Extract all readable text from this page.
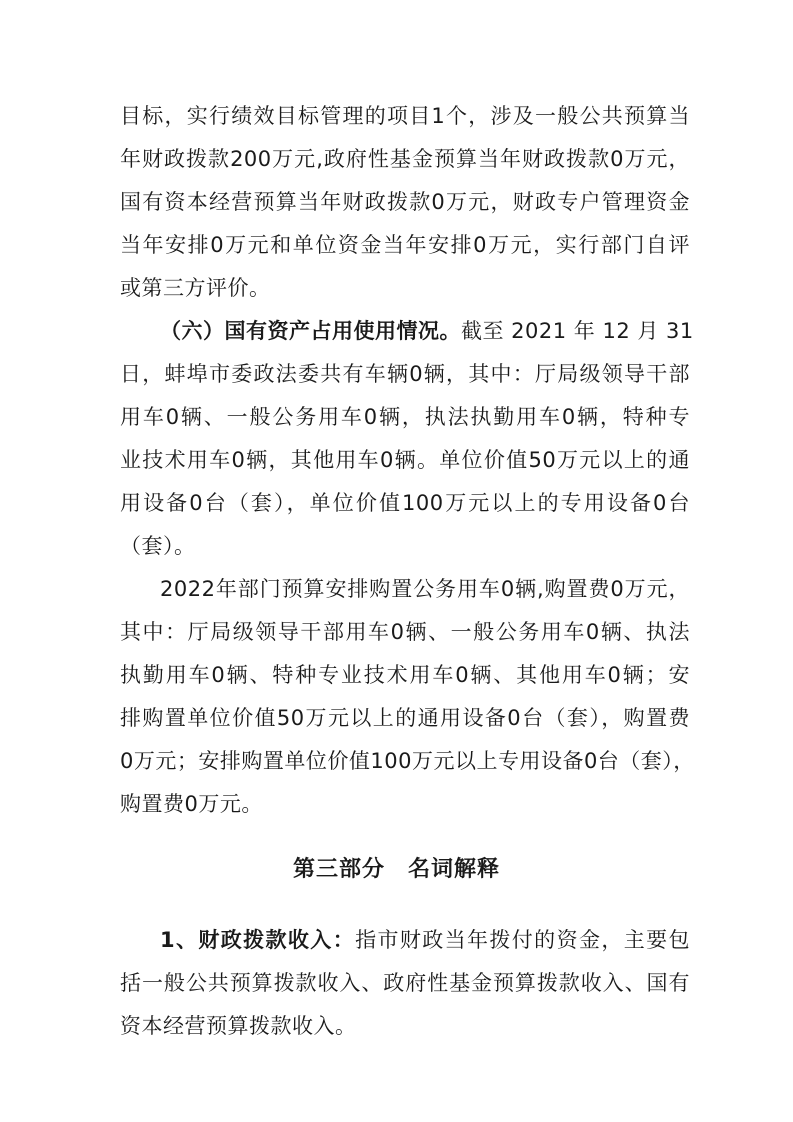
目标，实行绩效目标管理的项目1个，涉及一般公共预算当
年财政拨款200万元,政府性基金预算当年财政拨款0万元，
国有资本经营预算当年财政拨款0万元，财政专户管理资金
当年安排0万元和单位资金当年安排0万元，实行部门自评
或第三方评价。
（六）国有资产占用使用情况。截至 2021 年 12 月 31
日，蚌埠市委政法委共有车辆0辆，其中：厅局级领导干部
用车0辆、一般公务用车0辆，执法执勤用车0辆，特种专
业技术用车0辆，其他用车0辆。单位价值50万元以上的通
用设备0台（套），单位价值100万元以上的专用设备0台
（套）。
2022年部门预算安排购置公务用车0辆,购置费0万元，
其中：厅局级领导干部用车0辆、一般公务用车0辆、执法
执勤用车0辆、特种专业技术用车0辆、其他用车0辆；安
排购置单位价值50万元以上的通用设备0台（套），购置费
0万元；安排购置单位价值100万元以上专用设备0台（套），
购置费0万元。
第三部分　名词解释
1、财政拨款收入：指市财政当年拨付的资金，主要包
括一般公共预算拨款收入、政府性基金预算拨款收入、国有
资本经营预算拨款收入。
